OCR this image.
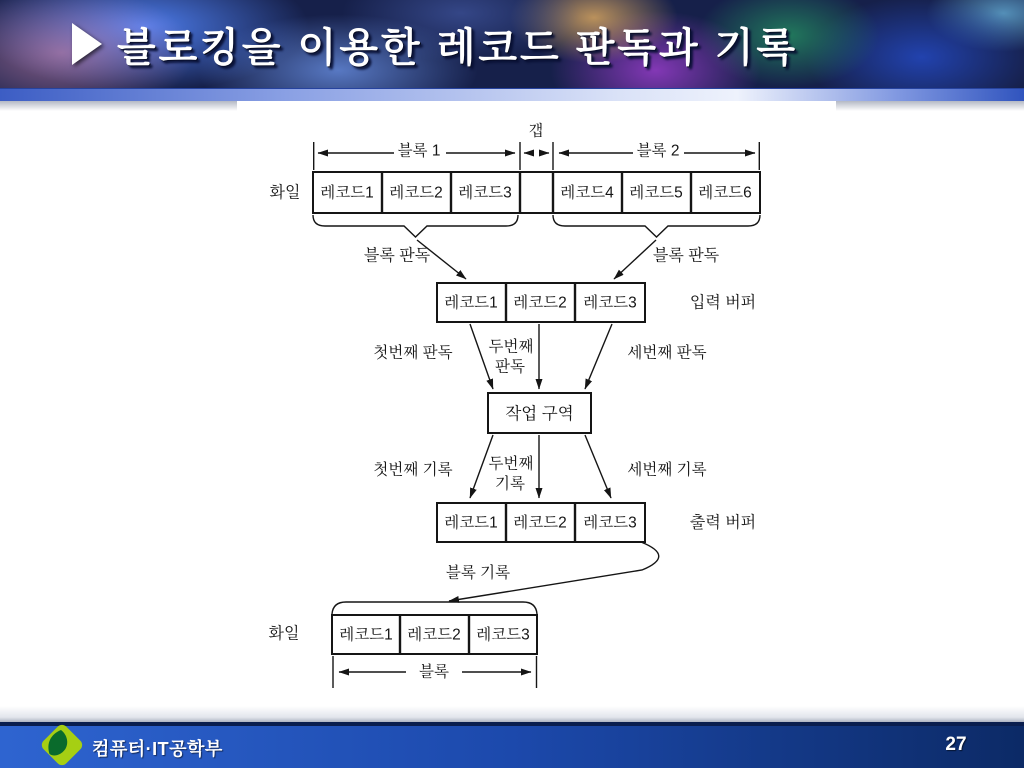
블로킹을 이용한 레코드 판독과 기록
갭
블록 1	블록 2
화일 레코드1 레코드2 레코드3	레코드4 레코드5 레코드6
블록 판독	블록 판독
레코드1 레코드2 레코드3	입력 버퍼
첫번째 판독 두번째
판독
세번째 판독
작업 구역
첫번째 기록 두번째
기록
세번째 기록
레코드1 레코드2 레코드3	출력 버퍼
블록 기록
화일	레코드1 레코드2 레코드3
블록
컴퓨터·IT공학부	27
